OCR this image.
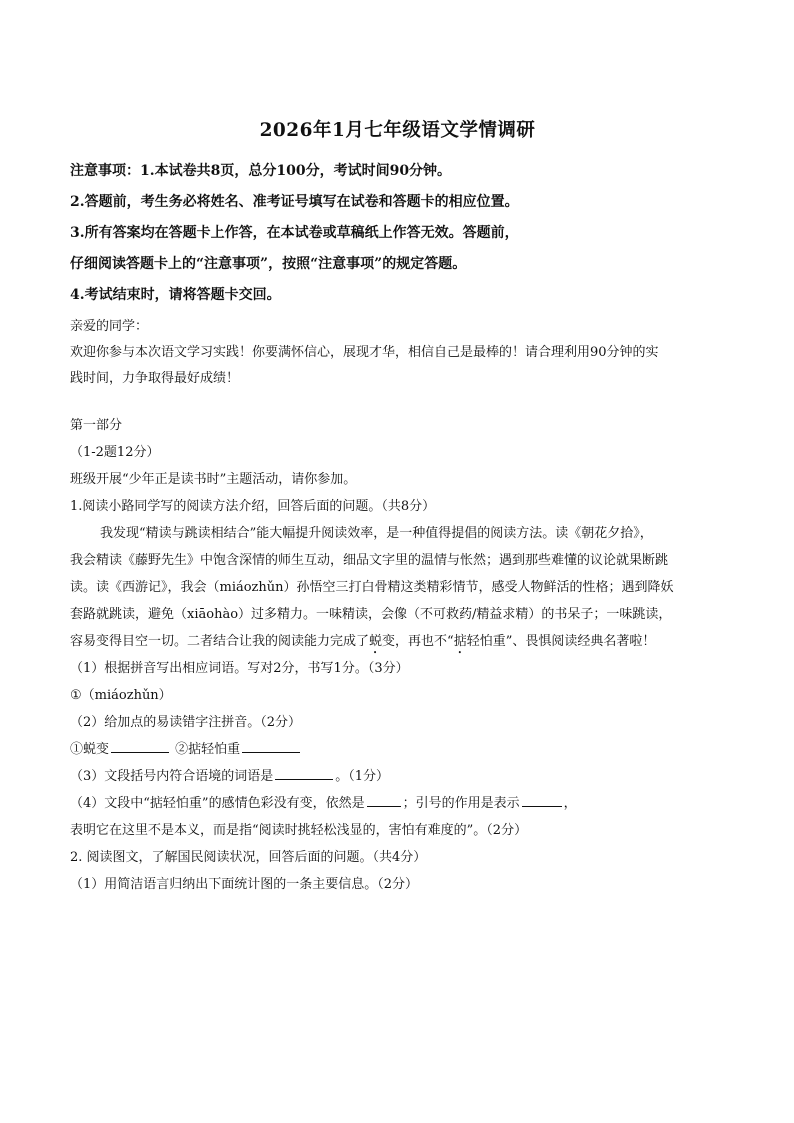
2026年1月七年级语文学情调研
注意事项：1.本试卷共8页，总分100分，考试时间90分钟。
2.答题前，考生务必将姓名、准考证号填写在试卷和答题卡的相应位置。
3.所有答案均在答题卡上作答，在本试卷或草稿纸上作答无效。答题前，
仔细阅读答题卡上的“注意事项”，按照“注意事项”的规定答题。
4.考试结束时，请将答题卡交回。
亲爱的同学：
欢迎你参与本次语文学习实践！你要满怀信心，展现才华，相信自己是最棒的！请合理利用90分钟的实
践时间，力争取得最好成绩！
第一部分
（1-2题12分）
班级开展“少年正是读书时”主题活动，请你参加。
1.阅读小路同学写的阅读方法介绍，回答后面的问题。（共8分）
我发现“精读与跳读相结合”能大幅提升阅读效率，是一种值得提倡的阅读方法。读《朝花夕拾》，
我会精读《藤野先生》中饱含深情的师生互动，细品文字里的温情与怅然；遇到那些难懂的议论就果断跳
读。读《西游记》，我会（miáozhǔn）孙悟空三打白骨精这类精彩情节，感受人物鲜活的性格；遇到降妖
套路就跳读，避免（xiāohào）过多精力。一味精读，会像（不可救药/精益求精）的书呆子；一味跳读，
容易变得目空一切。二者结合让我的阅读能力完成了蜕变，再也不“掂轻怕重”、畏惧阅读经典名著啦！
（1）根据拼音写出相应词语。写对2分，书写1分。（3分）
①（miáozhǔn）
（2）给加点的易读错字注拼音。（2分）
①蜕变	②掂轻怕重
（3）文段括号内符合语境的词语是	。（1分）
（4）文段中“掂轻怕重”的感情色彩没有变，依然是	；引号的作用是表示	，
表明它在这里不是本义，而是指“阅读时挑轻松浅显的，害怕有难度的”。（2分）
2. 阅读图文，了解国民阅读状况，回答后面的问题。（共4分）
（1）用简洁语言归纳出下面统计图的一条主要信息。（2分）
